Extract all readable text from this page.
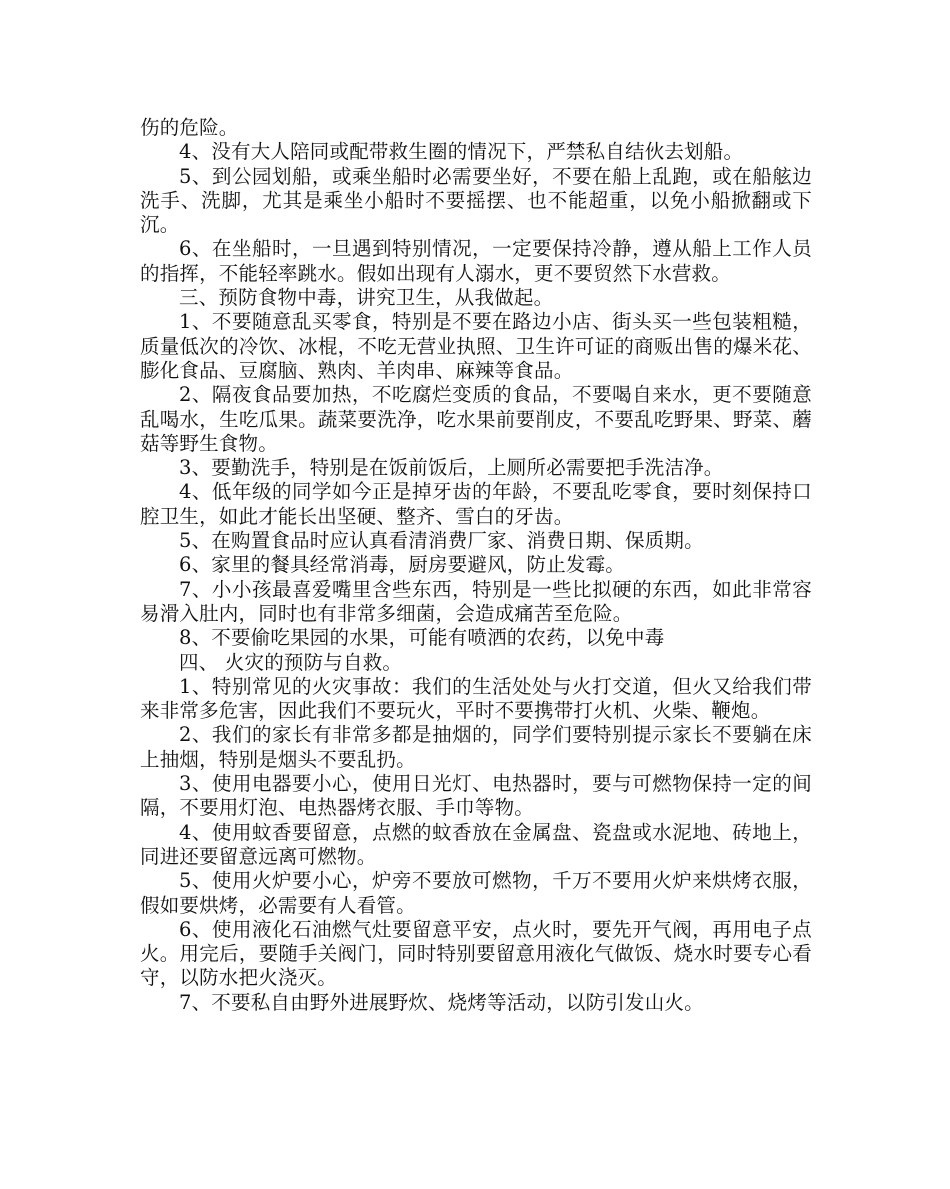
伤的危险。

4、没有大人陪同或配带救生圈的情况下，严禁私自结伙去划船。

5、到公园划船，或乘坐船时必需要坐好，不要在船上乱跑，或在船舷边洗手、洗脚，尤其是乘坐小船时不要摇摆、也不能超重，以免小船掀翻或下沉。

6、在坐船时，一旦遇到特别情况，一定要保持冷静，遵从船上工作人员的指挥，不能轻率跳水。假如出现有人溺水，更不要贸然下水营救。

三、预防食物中毒，讲究卫生，从我做起。

1、不要随意乱买零食，特别是不要在路边小店、街头买一些包装粗糙，质量低次的冷饮、冰棍，不吃无营业执照、卫生许可证的商贩出售的爆米花、膨化食品、豆腐脑、熟肉、羊肉串、麻辣等食品。

2、隔夜食品要加热，不吃腐烂变质的食品，不要喝自来水，更不要随意乱喝水，生吃瓜果。蔬菜要洗净，吃水果前要削皮，不要乱吃野果、野菜、蘑菇等野生食物。

3、要勤洗手，特别是在饭前饭后，上厕所必需要把手洗洁净。

4、低年级的同学如今正是掉牙齿的年龄，不要乱吃零食，要时刻保持口腔卫生，如此才能长出坚硬、整齐、雪白的牙齿。

5、在购置食品时应认真看清消费厂家、消费日期、保质期。

6、家里的餐具经常消毒，厨房要避风，防止发霉。

7、小小孩最喜爱嘴里含些东西，特别是一些比拟硬的东西，如此非常容易滑入肚内，同时也有非常多细菌，会造成痛苦至危险。

8、不要偷吃果园的水果，可能有喷洒的农药，以免中毒

四、 火灾的预防与自救。

1、特别常见的火灾事故：我们的生活处处与火打交道，但火又给我们带来非常多危害，因此我们不要玩火，平时不要携带打火机、火柴、鞭炮。

2、我们的家长有非常多都是抽烟的，同学们要特别提示家长不要躺在床上抽烟，特别是烟头不要乱扔。

3、使用电器要小心，使用日光灯、电热器时，要与可燃物保持一定的间隔，不要用灯泡、电热器烤衣服、手巾等物。

4、使用蚊香要留意，点燃的蚊香放在金属盘、瓷盘或水泥地、砖地上，同进还要留意远离可燃物。

5、使用火炉要小心，炉旁不要放可燃物，千万不要用火炉来烘烤衣服，假如要烘烤，必需要有人看管。

6、使用液化石油燃气灶要留意平安，点火时，要先开气阀，再用电子点火。用完后，要随手关阀门，同时特别要留意用液化气做饭、烧水时要专心看守，以防水把火浇灭。

7、不要私自由野外进展野炊、烧烤等活动，以防引发山火。
